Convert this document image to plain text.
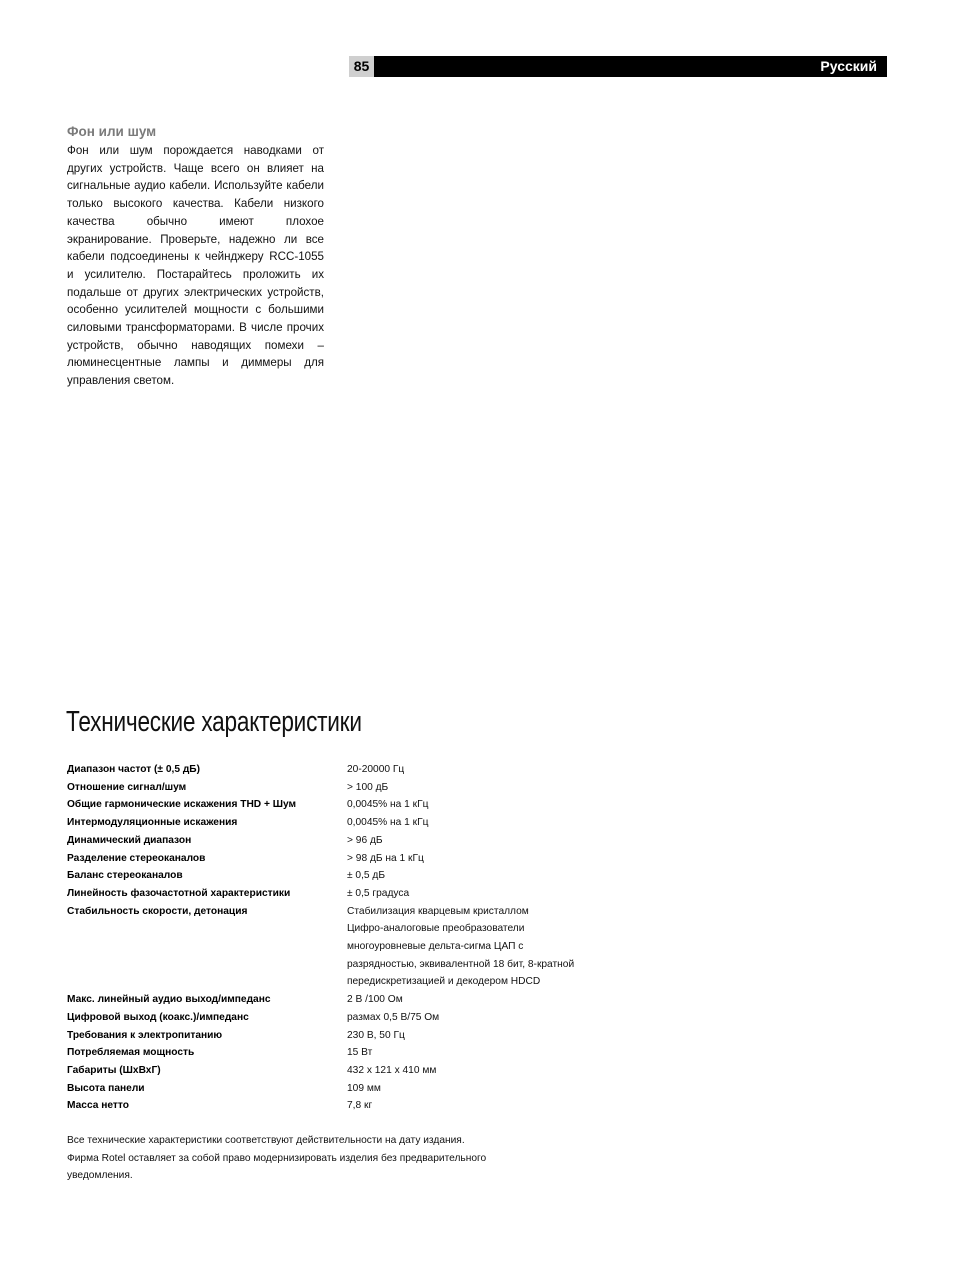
85	Русский
Фон или шум
Фон или шум порождается наводками от других устройств. Чаще всего он влияет на сигнальные аудио кабели. Используйте кабели только высокого качества. Кабели низкого качества обычно имеют плохое экранирование. Проверьте, надежно ли все кабели подсоединены к чейнджеру RCC-1055 и усилителю. Постарайтесь проложить их подальше от других электрических устройств, особенно усилителей мощности с большими силовыми трансформаторами. В числе прочих устройств, обычно наводящих помехи – люминесцентные лампы и диммеры для управления светом.
Технические характеристики
Диапазон частот (± 0,5 дБ)	20-20000 Гц
Отношение сигнал/шум	> 100 дБ
Общие гармонические искажения THD + Шум	0,0045% на 1 кГц
Интермодуляционные искажения	0,0045% на 1 кГц
Динамический диапазон	> 96 дБ
Разделение стереоканалов	> 98 дБ на 1 кГц
Баланс стереоканалов	± 0,5 дБ
Линейность фазочастотной характеристики	± 0,5 градуса
Стабильность скорости, детонация	Стабилизация кварцевым кристаллом
Цифро-аналоговые преобразователи
многоуровневые дельта-сигма ЦАП с
разрядностью, эквивалентной 18 бит, 8-кратной
передискретизацией и декодером HDCD
Макс. линейный аудио выход/импеданс	2 В /100 Ом
Цифровой выход (коакс.)/импеданс	размах 0,5 В/75 Ом
Требования к электропитанию	230 В, 50 Гц
Потребляемая мощность	15 Вт
Габариты (ШхВхГ)	432 x 121 x 410 мм
Высота панели	109 мм
Масса нетто	7,8 кг
Все технические характеристики соответствуют действительности на дату издания.
Фирма Rotel оставляет за собой право модернизировать изделия без предварительного
уведомления.
